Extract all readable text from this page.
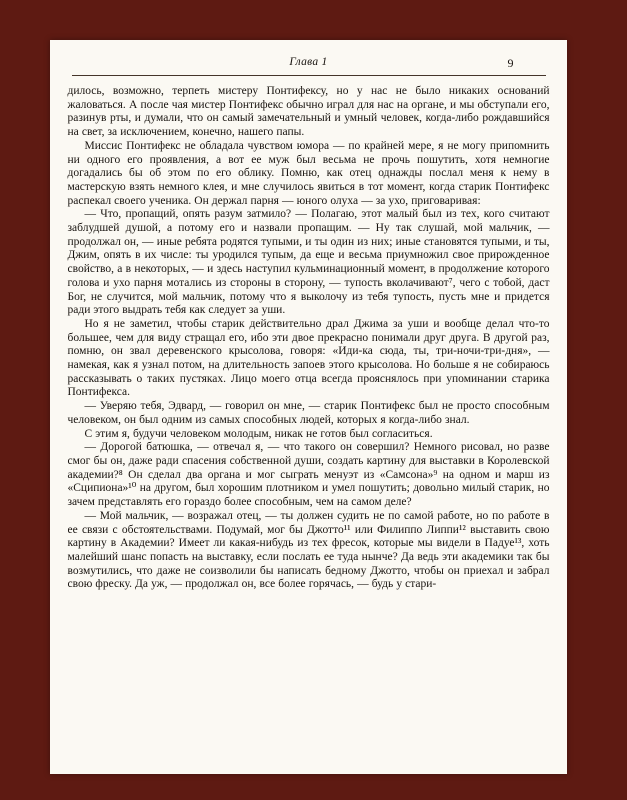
Глава 1	9

дилось, возможно, терпеть мистеру Понтифексу, но у нас не было никаких оснований жаловаться. А после чая мистер Понтифекс обычно играл для нас на органе, и мы обступали его, разинув рты, и думали, что он самый замечательный и умный человек, когда-либо рождавшийся на свет, за исключением, конечно, нашего папы.

Миссис Понтифекс не обладала чувством юмора — по крайней мере, я не могу припомнить ни одного его проявления, а вот ее муж был весьма не прочь пошутить, хотя немногие догадались бы об этом по его облику. Помню, как отец однажды послал меня к нему в мастерскую взять немного клея, и мне случилось явиться в тот момент, когда старик Понтифекс распекал своего ученика. Он держал парня — юного олуха — за ухо, приговаривая:

— Что, пропащий, опять разум затмило? — Полагаю, этот малый был из тех, кого считают заблудшей душой, а потому его и назвали пропащим. — Ну так слушай, мой мальчик, — продолжал он, — иные ребята родятся тупыми, и ты один из них; иные становятся тупыми, и ты, Джим, опять в их числе: ты уродился тупым, да еще и весьма приумножил свое прирожденное свойство, а в некоторых, — и здесь наступил кульминационный момент, в продолжение которого голова и ухо парня мотались из стороны в сторону, — тупость вколачивают⁷, чего с тобой, даст Бог, не случится, мой мальчик, потому что я выколочу из тебя тупость, пусть мне и придется ради этого выдрать тебя как следует за уши.

Но я не заметил, чтобы старик действительно драл Джима за уши и вообще делал что-то большее, чем для виду стращал его, ибо эти двое прекрасно понимали друг друга. В другой раз, помню, он звал деревенского крысолова, говоря: «Иди-ка сюда, ты, три-ночи-три-дня», — намекая, как я узнал потом, на длительность запоев этого крысолова. Но больше я не собираюсь рассказывать о таких пустяках. Лицо моего отца всегда прояснялось при упоминании старика Понтифекса.

— Уверяю тебя, Эдвард, — говорил он мне, — старик Понтифекс был не просто способным человеком, он был одним из самых способных людей, которых я когда-либо знал.

С этим я, будучи человеком молодым, никак не готов был согласиться.

— Дорогой батюшка, — отвечал я, — что такого он совершил? Немного рисовал, но разве смог бы он, даже ради спасения собственной души, создать картину для выставки в Королевской академии?⁸ Он сделал два органа и мог сыграть менуэт из «Самсона»⁹ на одном и марш из «Сципиона»¹⁰ на другом, был хорошим плотником и умел пошутить; довольно милый старик, но зачем представлять его гораздо более способным, чем на самом деле?

— Мой мальчик, — возражал отец, — ты должен судить не по самой работе, но по работе в ее связи с обстоятельствами. Подумай, мог бы Джотто¹¹ или Филиппо Липпи¹² выставить свою картину в Академии? Имеет ли какая-нибудь из тех фресок, которые мы видели в Падуе¹³, хоть малейший шанс попасть на выставку, если послать ее туда нынче? Да ведь эти академики так бы возмутились, что даже не соизволили бы написать бедному Джотто, чтобы он приехал и забрал свою фреску. Да уж, — продолжал он, все более горячась, — будь у стари-
